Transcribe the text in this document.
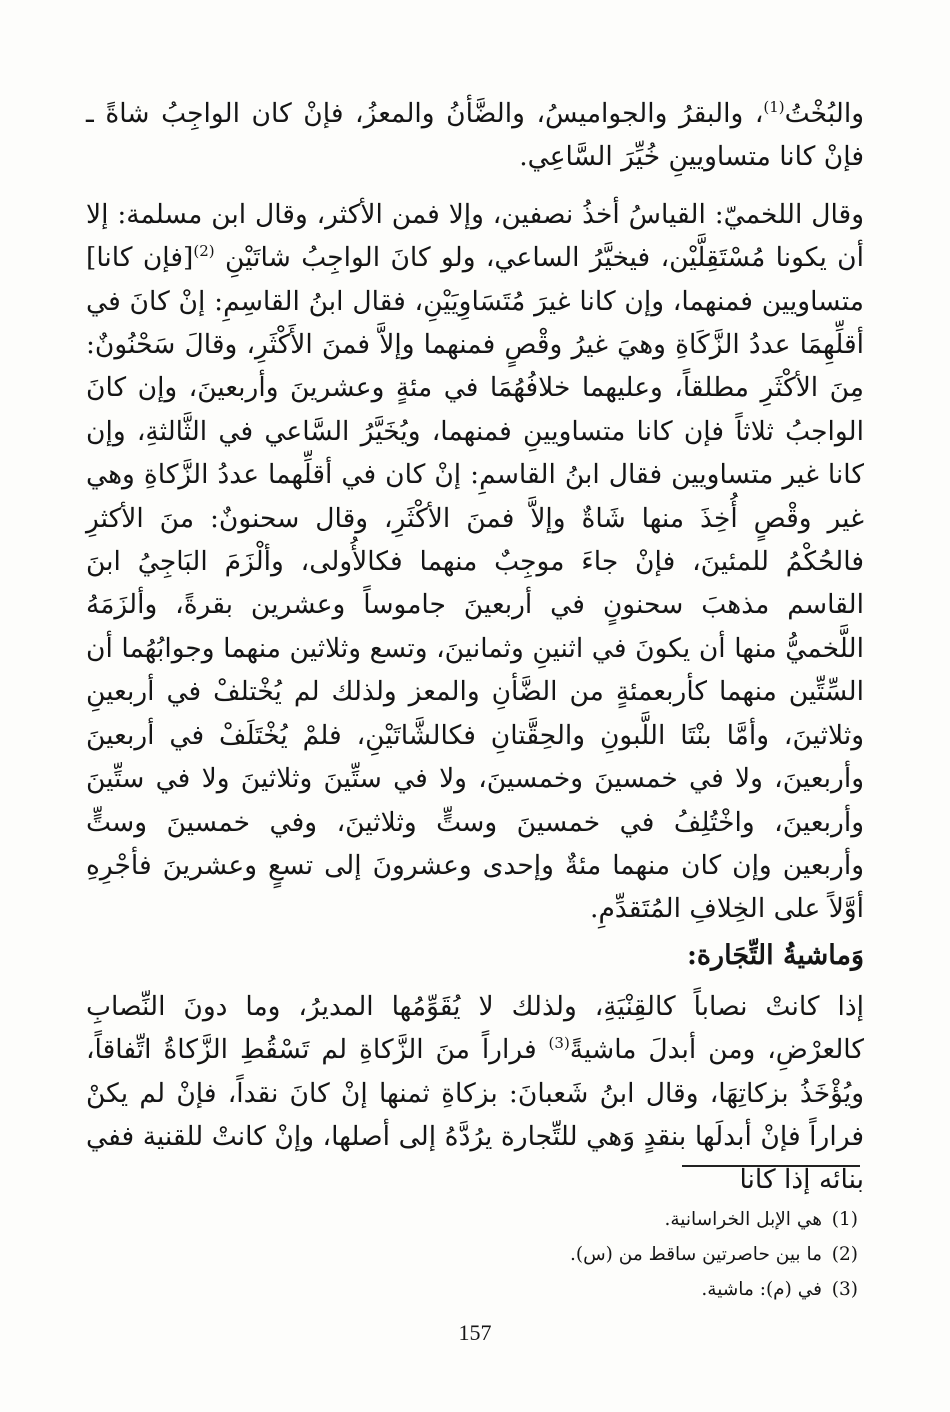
والبُخْتُ$^{(1)}$، والبقرُ والجواميسُ، والضَّأنُ والمعزُ، فإنْ كان الواجِبُ شاةً ـ فإنْ كانا متساويينِ خُيِّرَ السَّاعِي.

وقال اللخميّ: القياسُ أخذُ نصفين، وإلا فمن الأكثر، وقال ابن مسلمة: إلا أن يكونا مُسْتَقِلَّيْن، فيخيَّرُ الساعي، ولو كانَ الواجِبُ شاتَيْنِ $^{(2)}$[فإن كانا] متساويين فمنهما، وإن كانا غيرَ مُتَسَاوِيَيْنِ، فقال ابنُ القاسِمِ: إنْ كانَ في أقلِّهِمَا عددُ الزَّكَاةِ وهيَ غيرُ وقْصٍ فمنهما وإلاَّ فمنَ الأَكْثَرِ، وقالَ سَحْنُونٌ: مِنَ الأكْثَرِ مطلقاً، وعليهما خلافُهُمَا في مئةٍ وعشرينَ وأربعينَ، وإن كانَ الواجبُ ثلاثاً فإن كانا متساويينِ فمنهما، ويُخَيَّرُ السَّاعي في الثَّالثةِ، وإن كانا غير متساويين فقال ابنُ القاسمِ: إنْ كان في أقلِّهما عددُ الزَّكاةِ وهي غير وقْصٍ أُخِذَ منها شَاةٌ وإلاَّ فمنَ الأكْثَرِ، وقال سحنونٌ: منَ الأكثرِ فالحُكْمُ للمئينَ، فإنْ جاءَ موجِبٌ منهما فكالأُولى، وألْزَمَ البَاجِيُ ابنَ القاسم مذهبَ سحنونٍ في أربعينَ جاموساً وعشرين بقرةً، وألزَمَهُ اللَّخميُّ منها أن يكونَ في اثنينِ وثمانينَ، وتسع وثلاثين منهما وجوابُهُما أن السِّتِّين منهما كأربعمئةٍ من الضَّأنِ والمعز ولذلك لم يُخْتلفْ في أربعينِ وثلاثينَ، وأمَّا بنْتَا اللَّبونِ والحِقَّتانِ فكالشَّاتَيْنِ، فلمْ يُخْتَلَفْ في أربعينَ وأربعينَ، ولا في خمسينَ وخمسينَ، ولا في ستِّينَ وثلاثينَ ولا في ستِّينَ وأربعينَ، واخْتُلِفُ في خمسينَ وستٍّ وثلاثينَ، وفي خمسينَ وستٍّ وأربعين وإن كان منهما مئةٌ وإحدى وعشرونَ إلى تسعٍ وعشرينَ فأجْرِهِ أوَّلاً على الخِلافِ المُتَقدِّمِ.

وَماشيةُ التِّجَارة:

إذا كانتْ نصاباً كالقِنْيَةِ، ولذلك لا يُقَوِّمُها المديرُ، وما دونَ النِّصابِ كالعرْضِ، ومن أبدلَ ماشيةً$^{(3)}$ فراراً منَ الزَّكاةِ لم تَسْقُطِ الزَّكاةُ اتِّفاقاً، ويُؤْخَذُ بزكاتِهَا، وقال ابنُ شَعبانَ: بزكاةِ ثمنها إنْ كانَ نقداً، فإنْ لم يكنْ فراراً فإنْ أبدلَها بنقدٍ وَهي للتِّجارة يرُدَّهُ إلى أصلها، وإنْ كانتْ للقنية ففي بنائه إذا كانا

(1)
هي الإبل الخراسانية.
(2)
ما بين حاصرتين ساقط من (س).
(3)
في (م): ماشية.
157
